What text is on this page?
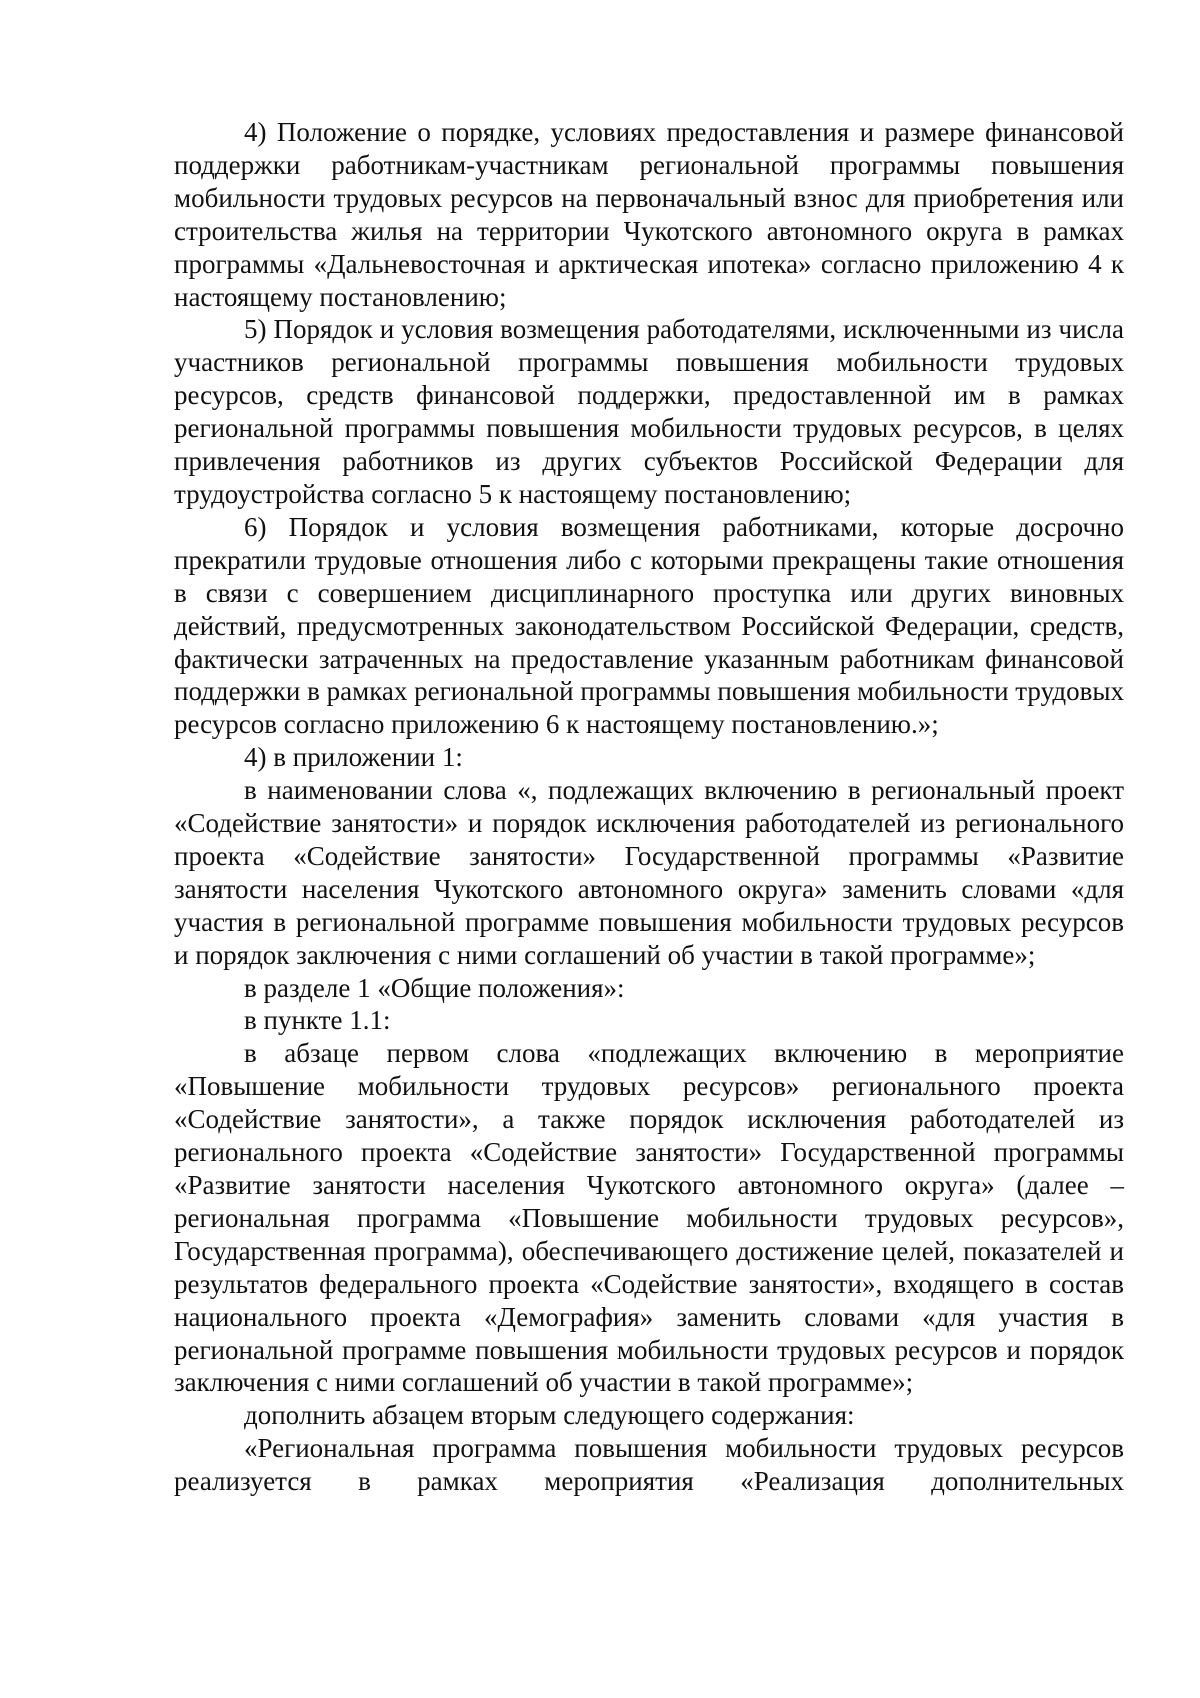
4) Положение о порядке, условиях предоставления и размере финансовой поддержки работникам-участникам региональной программы повышения мобильности трудовых ресурсов на первоначальный взнос для приобретения или строительства жилья на территории Чукотского автономного округа в рамках программы «Дальневосточная и арктическая ипотека» согласно приложению 4 к настоящему постановлению;

5) Порядок и условия возмещения работодателями, исключенными из числа участников региональной программы повышения мобильности трудовых ресурсов, средств финансовой поддержки, предоставленной им в рамках региональной программы повышения мобильности трудовых ресурсов, в целях привлечения работников из других субъектов Российской Федерации для трудоустройства согласно 5 к настоящему постановлению;

6) Порядок и условия возмещения работниками, которые досрочно прекратили трудовые отношения либо с которыми прекращены такие отношения в связи с совершением дисциплинарного проступка или других виновных действий, предусмотренных законодательством Российской Федерации, средств, фактически затраченных на предоставление указанным работникам финансовой поддержки в рамках региональной программы повышения мобильности трудовых ресурсов согласно приложению 6 к настоящему постановлению.»;

4) в приложении 1:

в наименовании слова «, подлежащих включению в региональный проект «Содействие занятости» и порядок исключения работодателей из регионального проекта «Содействие занятости» Государственной программы «Развитие занятости населения Чукотского автономного округа» заменить словами «для участия в региональной программе повышения мобильности трудовых ресурсов и порядок заключения с ними соглашений об участии в такой программе»;

в разделе 1 «Общие положения»:

в пункте 1.1:

в абзаце первом слова «подлежащих включению в мероприятие «Повышение мобильности трудовых ресурсов» регионального проекта «Содействие занятости», а также порядок исключения работодателей из регионального проекта «Содействие занятости» Государственной программы «Развитие занятости населения Чукотского автономного округа» (далее – региональная программа «Повышение мобильности трудовых ресурсов», Государственная программа), обеспечивающего достижение целей, показателей и результатов федерального проекта «Содействие занятости», входящего в состав национального проекта «Демография» заменить словами «для участия в региональной программе повышения мобильности трудовых ресурсов и порядок заключения с ними соглашений об участии в такой программе»;

дополнить абзацем вторым следующего содержания:

«Региональная программа повышения мобильности трудовых ресурсов реализуется в рамках мероприятия «Реализация дополнительных
